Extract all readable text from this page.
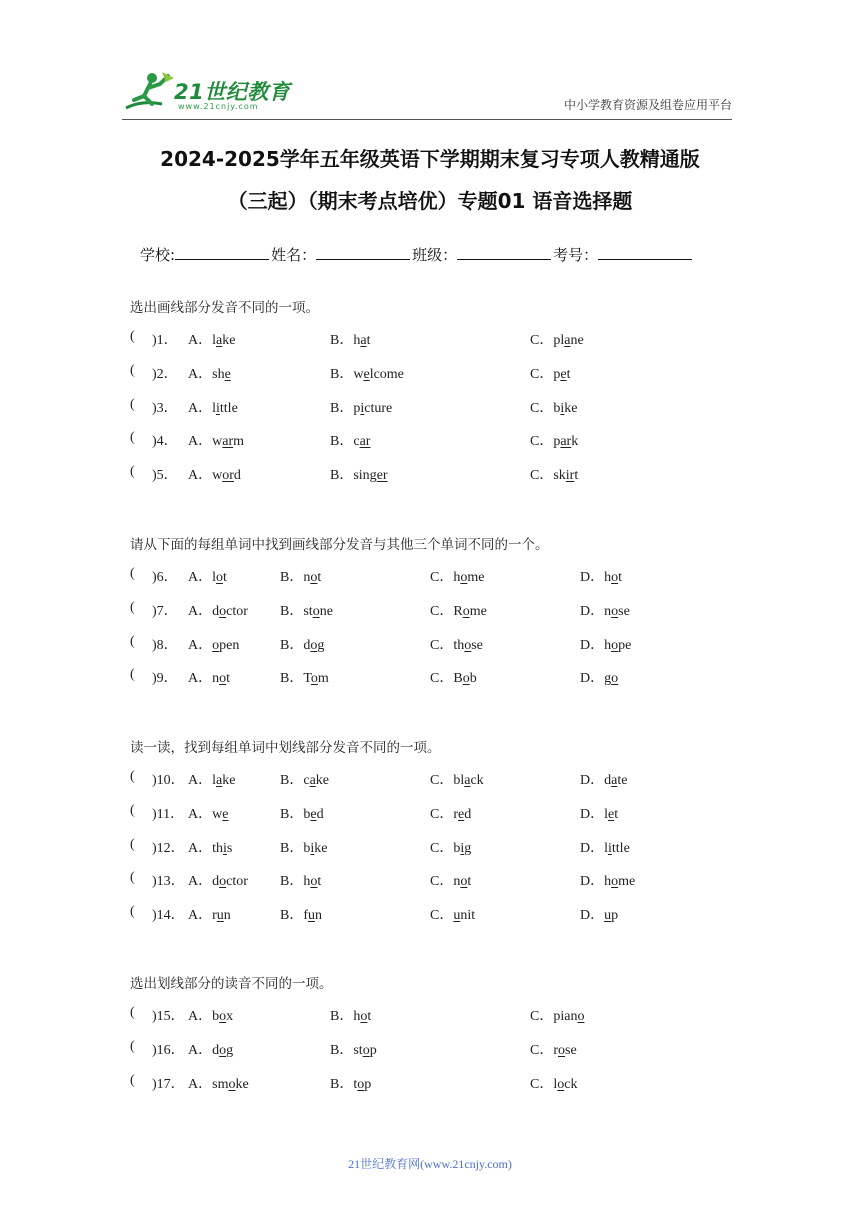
21世纪教育
www.21cnjy.com	中小学教育资源及组卷应用平台
2024-2025学年五年级英语下学期期末复习专项人教精通版
（三起）（期末考点培优）专题01 语音选择题
学校:	姓名：	班级：	考号：
选出画线部分发音不同的一项。
( )1． A．lake	B．hat	C．plane
( )2． A．she	B．welcome	C．pet
( )3． A．little	B．picture	C．bike
( )4． A．warm	B．car	C．park
( )5． A．word	B．singer	C．skirt
请从下面的每组单词中找到画线部分发音与其他三个单词不同的一个。
( )6． A．lot	B．not	C．home	D．hot
( )7． A．doctor B．stone	C．Rome	D．nose
( )8． A．open	B．dog	C．those	D．hope
( )9． A．not	B．Tom	C．Bob	D．go
读一读，找到每组单词中划线部分发音不同的一项。
( )10． A．lake	B．cake	C．black	D．date
( )11． A．we	B．bed	C．red	D．let
( )12． A．this	B．bike	C．big	D．little
( )13． A．doctor B．hot	C．not	D．home
( )14． A．run	B．fun	C．unit	D．up
选出划线部分的读音不同的一项。
( )15． A．box	B．hot	C．piano
( )16． A．dog	B．stop	C．rose
( )17． A．smoke	B．top	C．lock
21世纪教育网(www.21cnjy.com)
